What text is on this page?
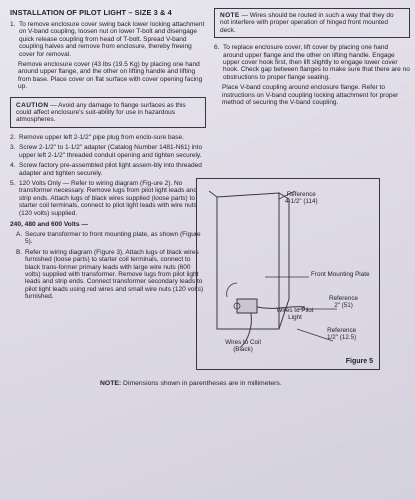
INSTALLATION OF PILOT LIGHT – SIZE 3 & 4
1. To remove enclosure cover swing back lower locking attachment on V-band coupling, loosen nut on lower T-bolt and disengage quick release coupling from head of T-bolt. Spread V-band coupling halves and remove from enclosure, thereby freeing cover for removal.
Remove enclosure cover (43 lbs (19.5 Kg) by placing one hand around upper flange, and the other on lifting handle and lifting from base. Place cover on flat surface with cover opening facing up.
CAUTION — Avoid any damage to flange surfaces as this could affect enclosure's suit-ability for use in hazardous atmospheres.
2. Remove upper left 2-1/2" pipe plug from enclo-sure base.
3. Screw 2-1/2" to 1-1/2" adapter (Catalog Number 1481-N61) into upper left 2-1/2" threaded conduit opening and tighten securely.
4. Screw factory pre-assembled pilot light assem-bly into threaded adapter and tighten securely.
5. 120 Volts Only — Refer to wiring diagram (Fig-ure 2). No transformer necessary. Remove lugs from pilot light leads and strip ends. Attach lugs of black wires supplied (loose parts) to starter coil terminals, connect to pilot light leads with wire nuts (120 volts) supplied.
240, 480 and 600 Volts —
A. Secure transformer to front mounting plate, as shown (Figure 5).
B. Refer to wiring diagram (Figure 3). Attach lugs of black wires furnished (loose parts) to starter coil terminals, connect to black trans-former primary leads with large wire nuts (600 volts) supplied with transformer. Remove lugs from pilot light leads and strip ends. Connect transformer secondary leads to pilot light leads using red wires and small wire nuts (120 volts) furnished.
NOTE — Wires should be routed in such a way that they do not interfere with proper operation of hinged front mounted deck.
6. To replace enclosure cover, lift cover by placing one hand around upper flange and the other on lifting handle. Engage upper cover hook first, then lift slightly to engage lower cover hook. Check gap between flanges to make sure that there are no obstructions to proper flange seating.
Place V-band coupling around enclosure flange. Refer to instructions on V-band coupling locking attachment for proper method of securing the V-band coupling.
Reference
4-1/2" (114)
Front Mounting Plate
Reference
2" (51)
Wires to Pilot Light
Wires to Coil (Black)
Reference
1/2" (12.5)
Figure 5
NOTE: Dimensions shown in parentheses are in millimeters.
